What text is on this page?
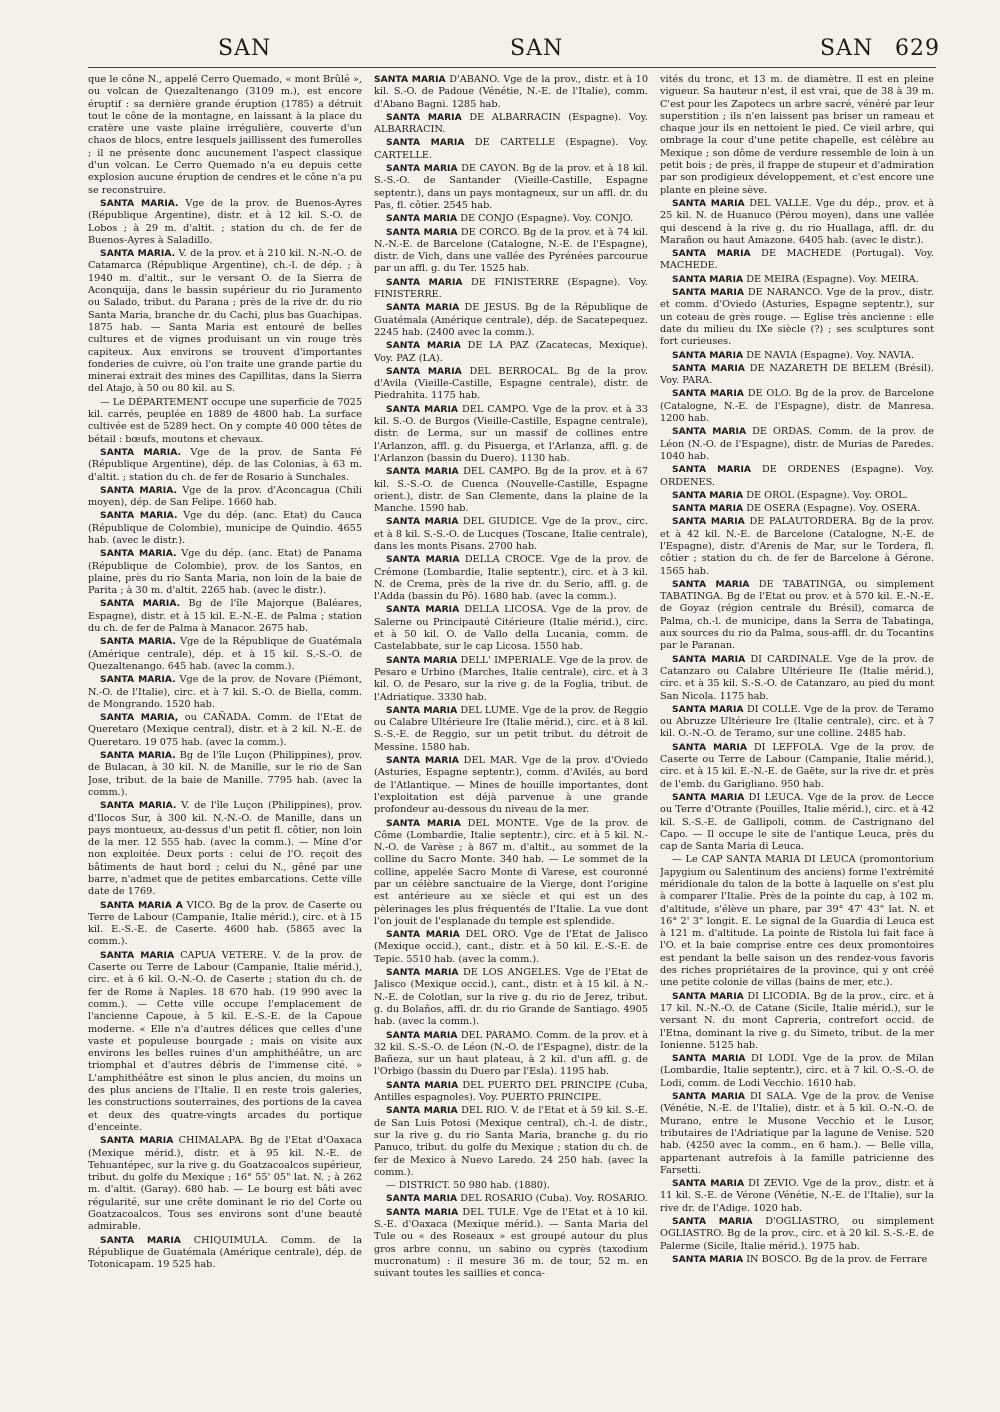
SAN	SAN	SAN 629

que le cône N., appelé Cerro Quemado, « mont Brûlé », ou volcan de Quezaltenango (3109 m.), est encore éruptif : sa dernière grande éruption (1785) a détruit tout le cône de la montagne, en laissant à la place du cratère une vaste plaine irrégulière, couverte d'un chaos de blocs, entre lesquels jaillissent des fumerolles ; il ne présente donc aucunement l'aspect classique d'un volcan. Le Cerro Quemado n'a eu depuis cette explosion aucune éruption de cendres et le cône n'a pu se reconstruire.

SANTA MARIA. Vge de la prov. de Buenos-Ayres (République Argentine), distr. et à 12 kil. S.-O. de Lobos ; à 29 m. d'altit. ; station du ch. de fer de Buenos-Ayres à Saladillo.

SANTA MARIA. V. de la prov. et à 210 kil. N.-N.-O. de Catamarca (République Argentine), ch.-l. de dép. ; à 1940 m. d'altit., sur le versant O. de la Sierra de Aconquija, dans le bassin supérieur du rio Juramento ou Salado, tribut. du Parana ; près de la rive dr. du rio Santa Maria, branche dr. du Cachi, plus bas Guachipas. 1875 hab. — Santa Maria est entouré de belles cultures et de vignes produisant un vin rouge très capiteux. Aux environs se trouvent d'importantes fonderies de cuivre, où l'on traite une grande partie du minerai extrait des mines des Capillitas, dans la Sierra del Atajo, à 50 ou 80 kil. au S.

— Le DÉPARTEMENT occupe une superficie de 7025 kil. carrés, peuplée en 1889 de 4800 hab. La surface cultivée est de 5289 hect. On y compte 40 000 têtes de bétail : bœufs, moutons et chevaux.

SANTA MARIA. Vge de la prov. de Santa Fé (République Argentine), dép. de las Colonias, à 63 m. d'altit. ; station du ch. de fer de Rosario à Sunchales.

SANTA MARIA. Vge de la prov. d'Aconcagua (Chili moyen), dép. de San Felipe. 1660 hab.

SANTA MARIA. Vge du dép. (anc. Etat) du Cauca (République de Colombie), municipe de Quindio. 4655 hab. (avec le distr.).

SANTA MARIA. Vge du dép. (anc. Etat) de Panama (République de Colombie), prov. de los Santos, en plaine, près du rio Santa Maria, non loin de la baie de Parita ; à 30 m. d'altit. 2265 hab. (avec le distr.).

SANTA MARIA. Bg de l'île Majorque (Baléares, Espagne), distr. et à 15 kil. E.-N.-E. de Palma ; station du ch. de fer de Palma à Manacor. 2675 hab.

SANTA MARIA. Vge de la République de Guatémala (Amérique centrale), dép. et à 15 kil. S.-S.-O. de Quezaltenango. 645 hab. (avec la comm.).

SANTA MARIA. Vge de la prov. de Novare (Piémont, N.-O. de l'Italie), circ. et à 7 kil. S.-O. de Biella, comm. de Mongrando. 1520 hab.

SANTA MARIA, ou CAÑADA. Comm. de l'Etat de Queretaro (Mexique central), distr. et à 2 kil. N.-E. de Queretaro. 19 075 hab. (avec la comm.).

SANTA MARIA. Bg de l'île Luçon (Philippines), prov. de Bulacan, à 30 kil. N. de Manille, sur le rio de San Jose, tribut. de la baie de Manille. 7795 hab. (avec la comm.).

SANTA MARIA. V. de l'île Luçon (Philippines), prov. d'Ilocos Sur, à 300 kil. N.-N.-O. de Manille, dans un pays montueux, au-dessus d'un petit fl. côtier, non loin de la mer. 12 555 hab. (avec la comm.). — Mine d'or non exploitée. Deux ports : celui de l'O. reçoit des bâtiments de haut bord ; celui du N., gêné par une barre, n'admet que de petites embarcations. Cette ville date de 1769.

SANTA MARIA A VICO. Bg de la prov. de Caserte ou Terre de Labour (Campanie, Italie mérid.), circ. et à 15 kil. E.-S.-E. de Caserte. 4600 hab. (5865 avec la comm.).

SANTA MARIA CAPUA VETERE. V. de la prov. de Caserte ou Terre de Labour (Campanie, Italie mérid.), circ. et à 6 kil. O.-N.-O. de Caserte ; station du ch. de fer de Rome à Naples. 18 670 hab. (19 990 avec la comm.). — Cette ville occupe l'emplacement de l'ancienne Capoue, à 5 kil. E.-S.-E. de la Capoue moderne. « Elle n'a d'autres délices que celles d'une vaste et populeuse bourgade ; mais on visite aux environs les belles ruines d'un amphithéâtre, un arc triomphal et d'autres débris de l'immense cité. » L'amphithéâtre est sinon le plus ancien, du moins un des plus anciens de l'Italie. Il en reste trois galeries, les constructions souterraines, des portions de la cavea et deux des quatre-vingts arcades du portique d'enceinte.

SANTA MARIA CHIMALAPA. Bg de l'Etat d'Oaxaca (Mexique mérid.), distr. et à 95 kil. N.-E. de Tehuantépec, sur la rive g. du Goatzacoalcos supérieur, tribut. du golfe du Mexique ; 16° 55' 05" lat. N. ; à 262 m. d'altit. (Garay). 680 hab. — Le bourg est bâti avec régularité, sur une crête dominant le rio del Corte ou Goatzacoalcos. Tous ses environs sont d'une beauté admirable.

SANTA MARIA CHIQUIMULA. Comm. de la République de Guatémala (Amérique centrale), dép. de Totonicapam. 19 525 hab.

SANTA MARIA D'ABANO. Vge de la prov., distr. et à 10 kil. S.-O. de Padoue (Vénétie, N.-E. de l'Italie), comm. d'Abano Bagni. 1285 hab.

SANTA MARIA DE ALBARRACIN (Espagne). Voy. ALBARRACIN.

SANTA MARIA DE CARTELLE (Espagne). Voy. CARTELLE.

SANTA MARIA DE CAYON. Bg de la prov. et à 18 kil. S.-S.-O. de Santander (Vieille-Castille, Espagne septentr.), dans un pays montagneux, sur un affl. dr. du Pas, fl. côtier. 2545 hab.

SANTA MARIA DE CONJO (Espagne). Voy. CONJO.

SANTA MARIA DE CORCO. Bg de la prov. et à 74 kil. N.-N.-E. de Barcelone (Catalogne, N.-E. de l'Espagne), distr. de Vich, dans une vallée des Pyrénées parcourue par un affl. g. du Ter. 1525 hab.

SANTA MARIA DE FINISTERRE (Espagne). Voy. FINISTERRE.

SANTA MARIA DE JESUS. Bg de la République de Guatémala (Amérique centrale), dép. de Sacatepequez. 2245 hab. (2400 avec la comm.).

SANTA MARIA DE LA PAZ (Zacatecas, Mexique). Voy. PAZ (LA).

SANTA MARIA DEL BERROCAL. Bg de la prov. d'Avila (Vieille-Castille, Espagne centrale), distr. de Piedrahita. 1175 hab.

SANTA MARIA DEL CAMPO. Vge de la prov. et à 33 kil. S.-O. de Burgos (Vieille-Castille, Espagne centrale), distr. de Lerma, sur un massif de collines entre l'Arlanzon, affl. g. du Pisuerga, et l'Arlanza, affl. g. de l'Arlanzon (bassin du Duero). 1130 hab.

SANTA MARIA DEL CAMPO. Bg de la prov. et à 67 kil. S.-S.-O. de Cuenca (Nouvelle-Castille, Espagne orient.), distr. de San Clemente, dans la plaine de la Manche. 1590 hab.

SANTA MARIA DEL GIUDICE. Vge de la prov., circ. et à 8 kil. S.-S.-O. de Lucques (Toscane, Italie centrale), dans les monts Pisans. 2700 hab.

SANTA MARIA DELLA CROCE. Vge de la prov. de Crémone (Lombardie, Italie septentr.), circ. et à 3 kil. N. de Crema, près de la rive dr. du Serio, affl. g. de l'Adda (bassin du Pô). 1680 hab. (avec la comm.).

SANTA MARIA DELLA LICOSA. Vge de la prov. de Salerne ou Principauté Citérieure (Italie mérid.), circ. et à 50 kil. O. de Vallo della Lucania, comm. de Castelabbate, sur le cap Licosa. 1550 hab.

SANTA MARIA DELL' IMPERIALE. Vge de la prov. de Pesaro e Urbino (Marches, Italie centrale), circ. et à 3 kil. O. de Pesaro, sur la rive g. de la Foglia, tribut. de l'Adriatique. 3330 hab.

SANTA MARIA DEL LUME. Vge de la prov. de Reggio ou Calabre Ultérieure Ire (Italie mérid.), circ. et à 8 kil. S.-S.-E. de Reggio, sur un petit tribut. du détroit de Messine. 1580 hab.

SANTA MARIA DEL MAR. Vge de la prov. d'Oviedo (Asturies, Espagne septentr.), comm. d'Avilés, au bord de l'Atlantique. — Mines de houille importantes, dont l'exploitation est déjà parvenue à une grande profondeur au-dessous du niveau de la mer.

SANTA MARIA DEL MONTE. Vge de la prov. de Côme (Lombardie, Italie septentr.), circ. et à 5 kil. N.-N.-O. de Varèse ; à 867 m. d'altit., au sommet de la colline du Sacro Monte. 340 hab. — Le sommet de la colline, appelée Sacro Monte di Varese, est couronné par un célèbre sanctuaire de la Vierge, dont l'origine est antérieure au xe siècle et qui est un des pèlerinages les plus fréquentés de l'Italie. La vue dont l'on jouit de l'esplanade du temple est splendide.

SANTA MARIA DEL ORO. Vge de l'Etat de Jalisco (Mexique occid.), cant., distr. et à 50 kil. E.-S.-E. de Tepic. 5510 hab. (avec la comm.).

SANTA MARIA DE LOS ANGELES. Vge de l'Etat de Jalisco (Mexique occid.), cant., distr. et à 15 kil. à N.-N.-E. de Colotlan, sur la rive g. du rio de Jerez, tribut. g. du Bolaños, affl. dr. du rio Grande de Santiago. 4905 hab. (avec la comm.).

SANTA MARIA DEL PARAMO. Comm. de la prov. et à 32 kil. S.-S.-O. de Léon (N.-O. de l'Espagne), distr. de la Bañeza, sur un haut plateau, à 2 kil. d'un affl. g. de l'Orbigo (bassin du Duero par l'Esla). 1195 hab.

SANTA MARIA DEL PUERTO DEL PRINCIPE (Cuba, Antilles espagnoles). Voy. PUERTO PRINCIPE.

SANTA MARIA DEL RIO. V. de l'Etat et à 59 kil. S.-E. de San Luis Potosi (Mexique central), ch.-l. de distr., sur la rive g. du rio Santa Maria, branche g. du rio Panuco, tribut. du golfe du Mexique ; station du ch. de fer de Mexico à Nuevo Laredo. 24 250 hab. (avec la comm.).

— DISTRICT. 50 980 hab. (1880).

SANTA MARIA DEL ROSARIO (Cuba). Voy. ROSARIO.

SANTA MARIA DEL TULE. Vge de l'Etat et à 10 kil. S.-E. d'Oaxaca (Mexique mérid.). — Santa Maria del Tule ou « des Roseaux » est groupé autour du plus gros arbre connu, un sabino ou cyprès (taxodium mucronatum) : il mesure 36 m. de tour, 52 m. en suivant toutes les saillies et conca-

vités du tronc, et 13 m. de diamètre. Il est en pleine vigueur. Sa hauteur n'est, il est vrai, que de 38 à 39 m. C'est pour les Zapotecs un arbre sacré, vénéré par leur superstition ; ils n'en laissent pas briser un rameau et chaque jour ils en nettoient le pied. Ce vieil arbre, qui ombrage la cour d'une petite chapelle, est célèbre au Mexique ; son dôme de verdure ressemble de loin à un petit bois ; de près, il frappe de stupeur et d'admiration par son prodigieux développement, et c'est encore une plante en pleine sève.

SANTA MARIA DEL VALLE. Vge du dép., prov. et à 25 kil. N. de Huanuco (Pérou moyen), dans une vallée qui descend à la rive g. du rio Huallaga, affl. dr. du Marañon ou haut Amazone. 6405 hab. (avec le distr.).

SANTA MARIA DE MACHEDE (Portugal). Voy. MACHEDE.

SANTA MARIA DE MEIRA (Espagne). Voy. MEIRA.

SANTA MARIA DE NARANCO. Vge de la prov., distr. et comm. d'Oviedo (Asturies, Espagne septentr.), sur un coteau de grès rouge. — Eglise très ancienne : elle date du milieu du IXe siècle (?) ; ses sculptures sont fort curieuses.

SANTA MARIA DE NAVIA (Espagne). Voy. NAVIA.

SANTA MARIA DE NAZARETH DE BELEM (Brésil). Voy. PARA.

SANTA MARIA DE OLO. Bg de la prov. de Barcelone (Catalogne, N.-E. de l'Espagne), distr. de Manresa. 1200 hab.

SANTA MARIA DE ORDAS. Comm. de la prov. de Léon (N.-O. de l'Espagne), distr. de Murias de Paredes. 1040 hab.

SANTA MARIA DE ORDENES (Espagne). Voy. ORDENES.

SANTA MARIA DE OROL (Espagne). Voy. OROL.

SANTA MARIA DE OSERA (Espagne). Voy. OSERA.

SANTA MARIA DE PALAUTORDERA. Bg de la prov. et à 42 kil. N.-E. de Barcelone (Catalogne, N.-E. de l'Espagne), distr. d'Arenis de Mar, sur le Tordera, fl. côtier ; station du ch. de fer de Barcelone à Gérone. 1565 hab.

SANTA MARIA DE TABATINGA, ou simplement TABATINGA. Bg de l'Etat ou prov. et à 570 kil. E.-N.-E. de Goyaz (région centrale du Brésil), comarca de Palma, ch.-l. de municipe, dans la Serra de Tabatinga, aux sources du rio da Palma, sous-affl. dr. du Tocantins par le Paranan.

SANTA MARIA DI CARDINALE. Vge de la prov. de Catanzaro ou Calabre Ultérieure IIe (Italie mérid.), circ. et à 35 kil. S.-S.-O. de Catanzaro, au pied du mont San Nicola. 1175 hab.

SANTA MARIA DI COLLE. Vge de la prov. de Teramo ou Abruzze Ultérieure Ire (Italie centrale), circ. et à 7 kil. O.-N.-O. de Teramo, sur une colline. 2485 hab.

SANTA MARIA DI LEFFOLA. Vge de la prov. de Caserte ou Terre de Labour (Campanie, Italie mérid.), circ. et à 15 kil. E.-N.-E. de Gaëte, sur la rive dr. et près de l'emb. du Garigliano. 950 hab.

SANTA MARIA DI LEUCA. Vge de la prov. de Lecce ou Terre d'Otrante (Pouilles, Italie mérid.), circ. et à 42 kil. S.-S.-E. de Gallipoli, comm. de Castrignano del Capo. — Il occupe le site de l'antique Leuca, près du cap de Santa Maria di Leuca.

— Le CAP SANTA MARIA DI LEUCA (promontorium Japygium ou Salentinum des anciens) forme l'extrémité méridionale du talon de la botte à laquelle on s'est plu à comparer l'Italie. Près de la pointe du cap, à 102 m. d'altitude, s'élève un phare, par 39° 47' 43" lat. N. et 16° 2' 3" longit. E. Le signal de la Guardia di Leuca est à 121 m. d'altitude. La pointe de Ristola lui fait face à l'O. et la baie comprise entre ces deux promontoires est pendant la belle saison un des rendez-vous favoris des riches propriétaires de la province, qui y ont créé une petite colonie de villas (bains de mer, etc.).

SANTA MARIA DI LICODIA. Bg de la prov., circ. et à 17 kil. N.-N.-O. de Catane (Sicile, Italie mérid.), sur le versant N. du mont Capreria, contrefort occid. de l'Etna, dominant la rive g. du Simeto, tribut. de la mer Ionienne. 5125 hab.

SANTA MARIA DI LODI. Vge de la prov. de Milan (Lombardie, Italie septentr.), circ. et à 7 kil. O.-S.-O. de Lodi, comm. de Lodi Vecchio. 1610 hab.

SANTA MARIA DI SALA. Vge de la prov. de Venise (Vénétie, N.-E. de l'Italie), distr. et à 5 kil. O.-N.-O. de Murano, entre le Musone Vecchio et le Lusor, tributaires de l'Adriatique par la lagune de Venise. 520 hab. (4250 avec la comm., en 6 ham.). — Belle villa, appartenant autrefois à la famille patricienne des Farsetti.

SANTA MARIA DI ZEVIO. Vge de la prov., distr. et à 11 kil. S.-E. de Vérone (Vénétie, N.-E. de l'Italie), sur la rive dr. de l'Adige. 1020 hab.

SANTA MARIA D'OGLIASTRO, ou simplement OGLIASTRO. Bg de la prov., circ. et à 20 kil. S.-S.-E. de Palerme (Sicile, Italie mérid.). 1975 hab.

SANTA MARIA IN BOSCO. Bg de la prov. de Ferrare
